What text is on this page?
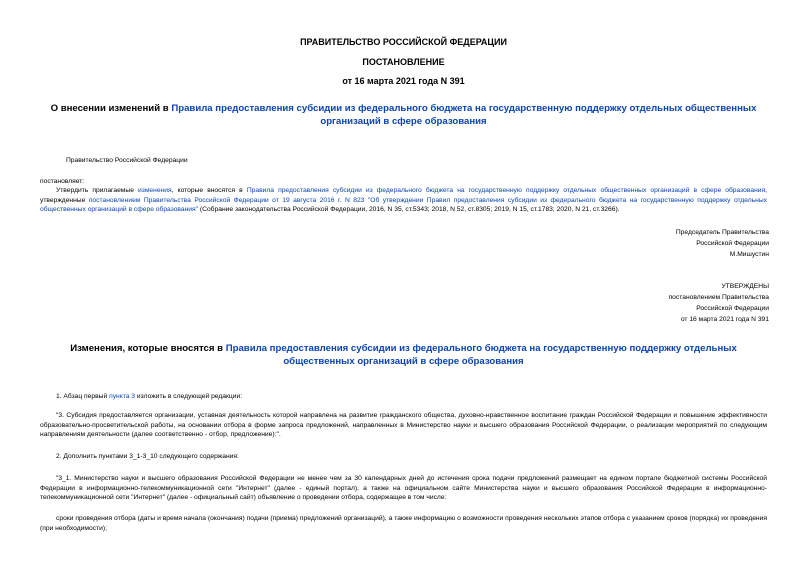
ПРАВИТЕЛЬСТВО РОССИЙСКОЙ ФЕДЕРАЦИИ
ПОСТАНОВЛЕНИЕ
от 16 марта 2021 года N 391
О внесении изменений в Правила предоставления субсидии из федерального бюджета на государственную поддержку отдельных общественных организаций в сфере образования
Правительство Российской Федерации
постановляет:
Утвердить прилагаемые изменения, которые вносятся в Правила предоставления субсидии из федерального бюджета на государственную поддержку отдельных общественных организаций в сфере образования, утвержденные постановлением Правительства Российской Федерации от 19 августа 2016 г. N 823 "Об утверждении Правил предоставления субсидии из федерального бюджета на государственную поддержку отдельных общественных организаций в сфере образования" (Собрание законодательства Российской Федерации, 2016, N 35, ст.5343; 2018, N 52, ст.8305; 2019, N 15, ст.1783; 2020, N 21, ст.3266).
Председатель Правительства
Российской Федерации
М.Мишустин
УТВЕРЖДЕНЫ
постановлением Правительства
Российской Федерации
от 16 марта 2021 года N 391
Изменения, которые вносятся в Правила предоставления субсидии из федерального бюджета на государственную поддержку отдельных общественных организаций в сфере образования
1. Абзац первый пункта 3 изложить в следующей редакции:
"3. Субсидия предоставляется организации, уставная деятельность которой направлена на развитие гражданского общества, духовно-нравственное воспитание граждан Российской Федерации и повышение эффективности образовательно-просветительской работы, на основании отбора в форме запроса предложений, направленных в Министерство науки и высшего образования Российской Федерации, о реализации мероприятий по следующим направлениям деятельности (далее соответственно - отбор, предложение):".
2. Дополнить пунктами 3_1-3_10 следующего содержания:
"3_1. Министерство науки и высшего образования Российской Федерации не менее чем за 30 календарных дней до истечения срока подачи предложений размещает на едином портале бюджетной системы Российской Федерации в информационно-телекоммуникационной сети "Интернет" (далее - единый портал), а также на официальном сайте Министерства науки и высшего образования Российской Федерации в информационно-телекоммуникационной сети "Интернет" (далее - официальный сайт) объявление о проведении отбора, содержащее в том числе:
сроки проведения отбора (даты и время начала (окончания) подачи (приема) предложений организаций), а также информацию о возможности проведения нескольких этапов отбора с указанием сроков (порядка) их проведения (при необходимости);
